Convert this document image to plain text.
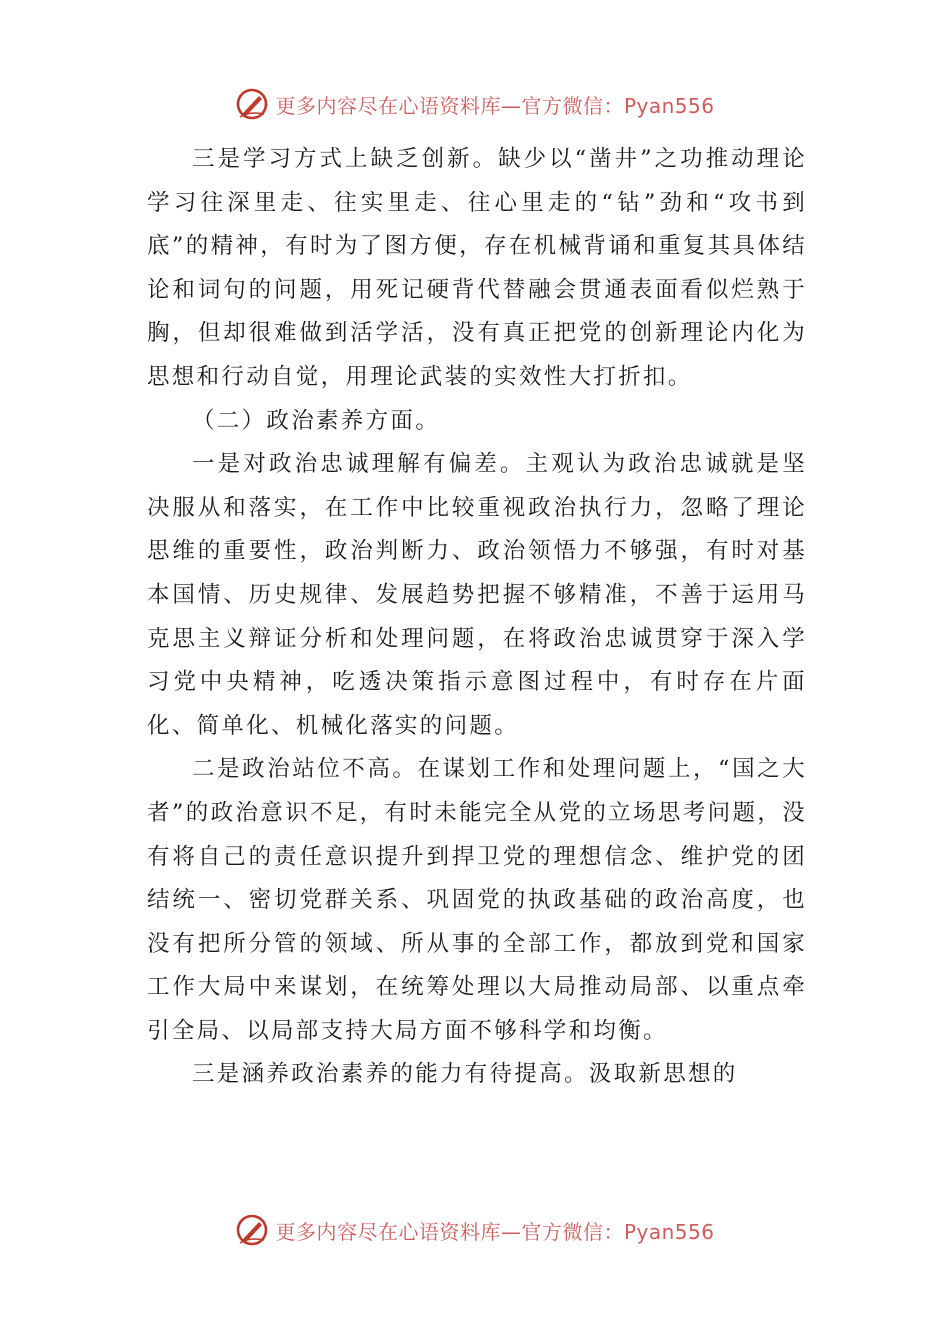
更多内容尽在心语资料库—官方微信：Pyan556

三是学习方式上缺乏创新。缺少以“凿井”之功推动理论学习往深里走、往实里走、往心里走的“钻”劲和“攻书到底”的精神，有时为了图方便，存在机械背诵和重复其具体结论和词句的问题，用死记硬背代替融会贯通表面看似烂熟于胸，但却很难做到活学活，没有真正把党的创新理论内化为思想和行动自觉，用理论武装的实效性大打折扣。

（二）政治素养方面。

一是对政治忠诚理解有偏差。主观认为政治忠诚就是坚决服从和落实，在工作中比较重视政治执行力，忽略了理论思维的重要性，政治判断力、政治领悟力不够强，有时对基本国情、历史规律、发展趋势把握不够精准，不善于运用马克思主义辩证分析和处理问题，在将政治忠诚贯穿于深入学习党中央精神，吃透决策指示意图过程中，有时存在片面化、简单化、机械化落实的问题。

二是政治站位不高。在谋划工作和处理问题上，“国之大者”的政治意识不足，有时未能完全从党的立场思考问题，没有将自己的责任意识提升到捍卫党的理想信念、维护党的团结统一、密切党群关系、巩固党的执政基础的政治高度，也没有把所分管的领域、所从事的全部工作，都放到党和国家工作大局中来谋划，在统筹处理以大局推动局部、以重点牵引全局、以局部支持大局方面不够科学和均衡。

三是涵养政治素养的能力有待提高。汲取新思想的

更多内容尽在心语资料库—官方微信：Pyan556
